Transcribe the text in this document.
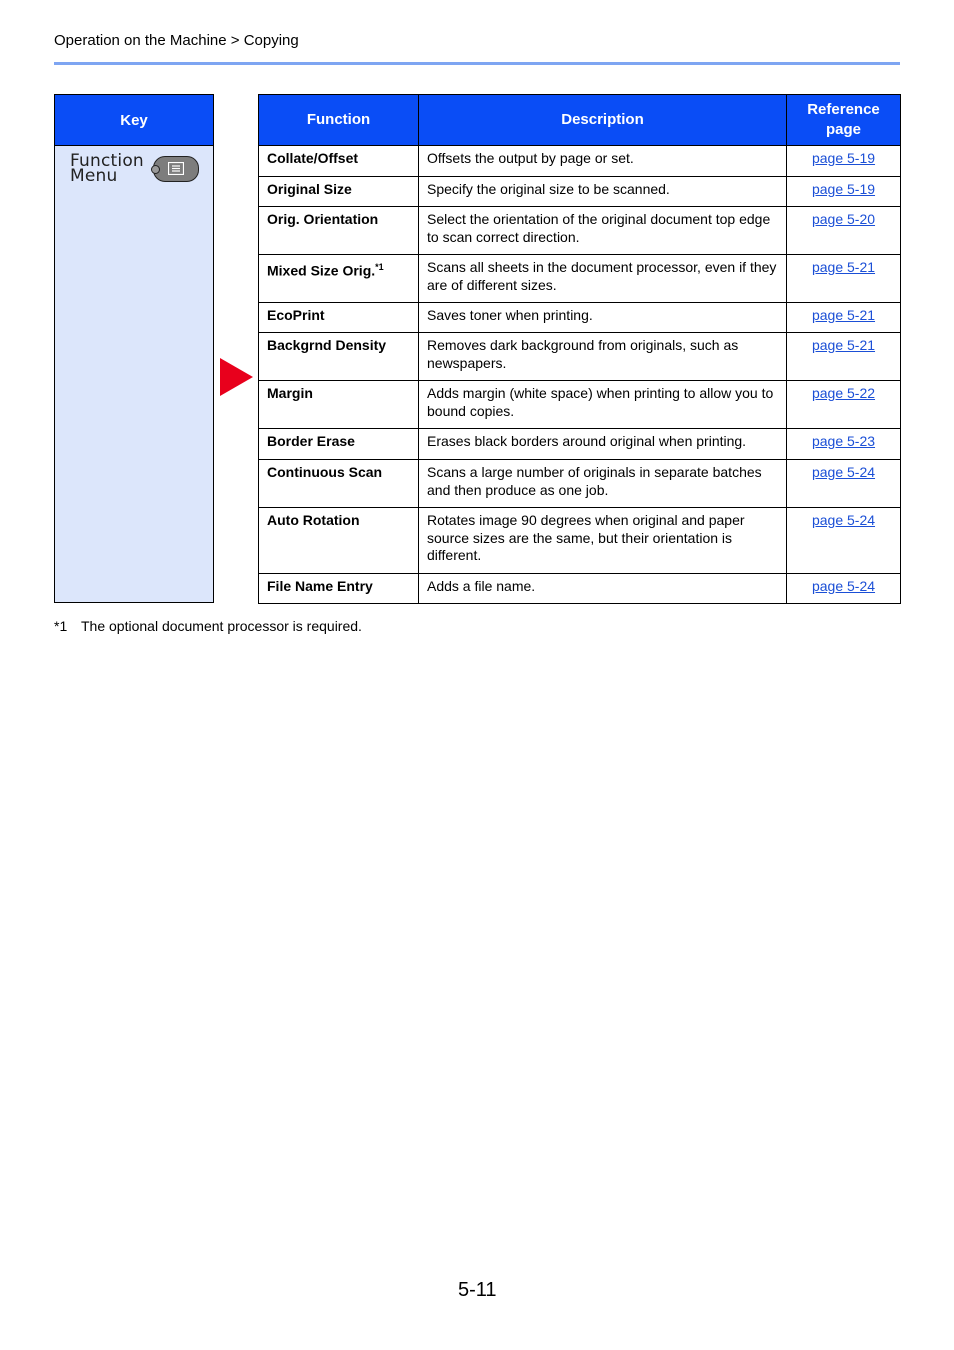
Operation on the Machine > Copying
Key
Function
Menu
Function	Description	Reference page
Collate/Offset	Offsets the output by page or set.	page 5-19
Original Size	Specify the original size to be scanned.	page 5-19
Orig. Orientation	Select the orientation of the original document top edge to scan correct direction.	page 5-20
Mixed Size Orig.$^{*1}$	Scans all sheets in the document processor, even if they are of different sizes.	page 5-21
EcoPrint	Saves toner when printing.	page 5-21
Backgrnd Density	Removes dark background from originals, such as newspapers.	page 5-21
Margin	Adds margin (white space) when printing to allow you to bound copies.	page 5-22
Border Erase	Erases black borders around original when printing.	page 5-23
Continuous Scan	Scans a large number of originals in separate batches and then produce as one job.	page 5-24
Auto Rotation	Rotates image 90 degrees when original and paper source sizes are the same, but their orientation is different.	page 5-24
File Name Entry	Adds a file name.	page 5-24
*1 The optional document processor is required.
5-11
